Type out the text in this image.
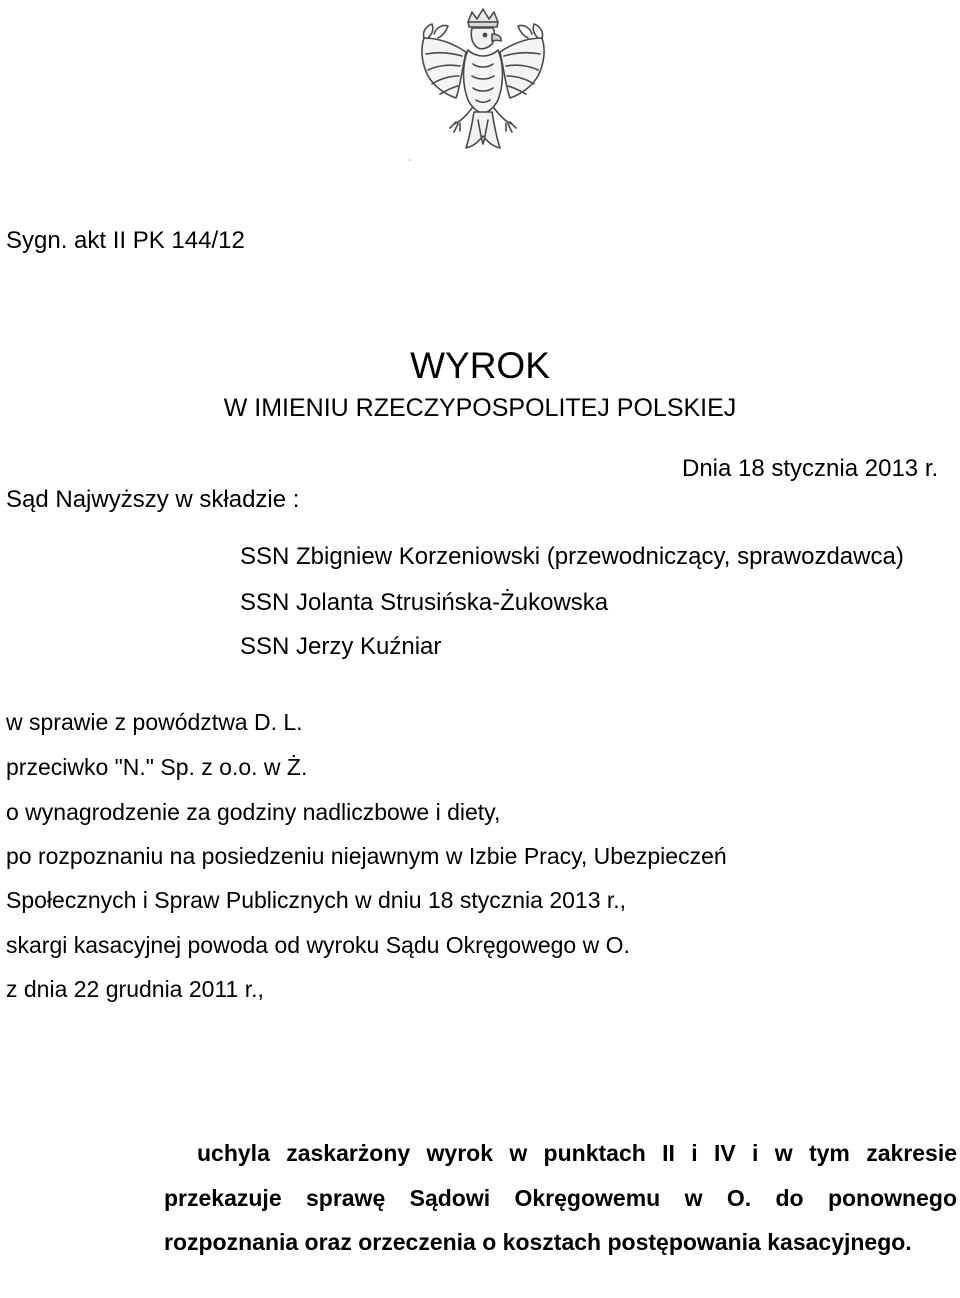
Sygn. akt II PK 144/12
WYROK
W IMIENIU RZECZYPOSPOLITEJ POLSKIEJ
Dnia 18 stycznia 2013 r.
Sąd Najwyższy w składzie :
SSN Zbigniew Korzeniowski (przewodniczący, sprawozdawca)
SSN Jolanta Strusińska-Żukowska
SSN Jerzy Kuźniar
w sprawie z powództwa D. L.
przeciwko "N." Sp. z o.o. w Ż.
o wynagrodzenie za godziny nadliczbowe i diety,
po rozpoznaniu na posiedzeniu niejawnym w Izbie Pracy, Ubezpieczeń
Społecznych i Spraw Publicznych w dniu 18 stycznia 2013 r.,
skargi kasacyjnej powoda od wyroku Sądu Okręgowego w O.
z dnia 22 grudnia 2011 r.,

uchyla zaskarżony wyrok w punktach II i IV i w tym zakresie przekazuje sprawę Sądowi Okręgowemu w O. do ponownego rozpoznania oraz orzeczenia o kosztach postępowania kasacyjnego.
